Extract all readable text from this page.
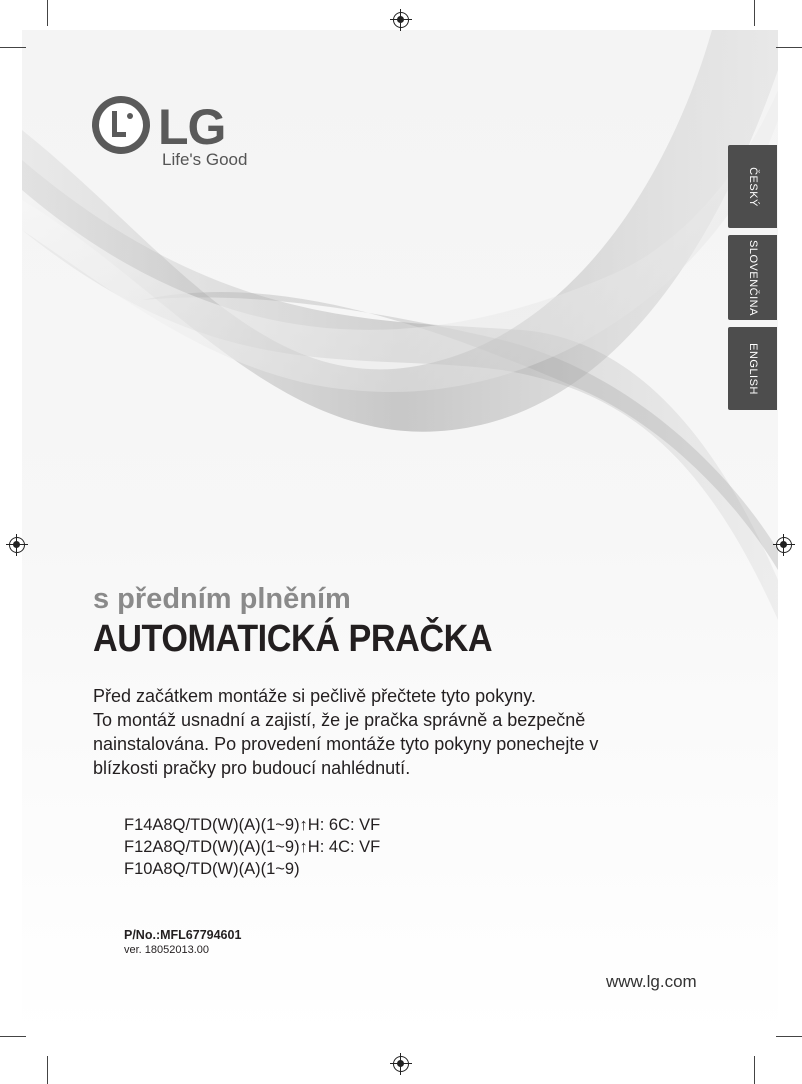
LG
Life's Good
ČESKÝ
SLOVENČINA
ENGLISH
s předním plněním
AUTOMATICKÁ PRAČKA
Před začátkem montáže si pečlivě přečtete tyto pokyny.
To montáž usnadní a zajistí, že je pračka správně a bezpečně
nainstalována. Po provedení montáže tyto pokyny ponechejte v
blízkosti pračky pro budoucí nahlédnutí.
F14A8Q/TD(W)(A)(1~9)↑H: 6C: VF
F12A8Q/TD(W)(A)(1~9)↑H: 4C: VF
F10A8Q/TD(W)(A)(1~9)
P/No.:MFL67794601
ver. 18052013.00
www.lg.com
